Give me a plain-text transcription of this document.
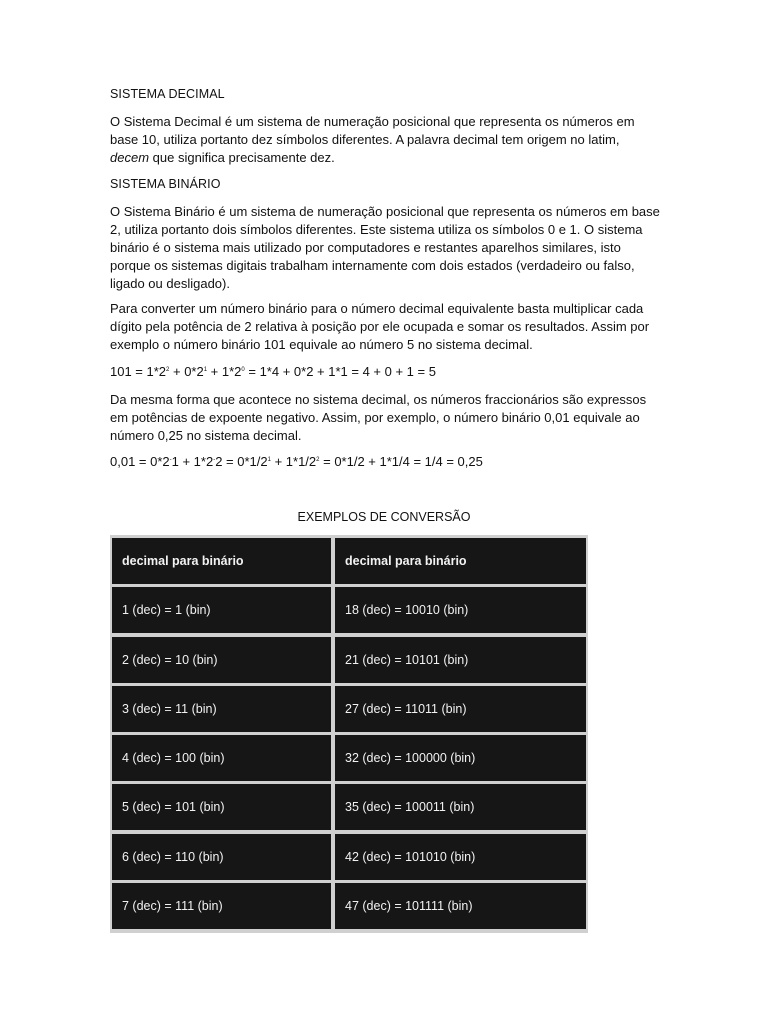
SISTEMA DECIMAL

O Sistema Decimal é um sistema de numeração posicional que representa os números em base 10, utiliza portanto dez símbolos diferentes. A palavra decimal tem origem no latim, decem que significa precisamente dez.

SISTEMA BINÁRIO

O Sistema Binário é um sistema de numeração posicional que representa os números em base 2, utiliza portanto dois símbolos diferentes. Este sistema utiliza os símbolos 0 e 1. O sistema binário é o sistema mais utilizado por computadores e restantes aparelhos similares, isto porque os sistemas digitais trabalham internamente com dois estados (verdadeiro ou falso, ligado ou desligado).

Para converter um número binário para o número decimal equivalente basta multiplicar cada dígito pela potência de 2 relativa à posição por ele ocupada e somar os resultados. Assim por exemplo o número binário 101 equivale ao número 5 no sistema decimal.

$101 = 1*2^2 + 0*2^1 + 1*2^0 = 1*4 + 0*2 + 1*1 = 4 + 0 + 1 = 5$

Da mesma forma que acontece no sistema decimal, os números fraccionários são expressos em potências de expoente negativo. Assim, por exemplo, o número binário 0,01 equivale ao número 0,25 no sistema decimal.

$0,01 = 0*2^-1 + 1*2^-2 = 0*1/2^1 + 1*1/2^2 = 0*1/2 + 1*1/4 = 1/4 = 0,25$
EXEMPLOS DE CONVERSÃO
decimal para binário	decimal para binário
1 (dec) = 1 (bin)	18 (dec) = 10010 (bin)
2 (dec) = 10 (bin)	21 (dec) = 10101 (bin)
3 (dec) = 11 (bin)	27 (dec) = 11011 (bin)
4 (dec) = 100 (bin)	32 (dec) = 100000 (bin)
5 (dec) = 101 (bin)	35 (dec) = 100011 (bin)
6 (dec) = 110 (bin)	42 (dec) = 101010 (bin)
7 (dec) = 111 (bin)	47 (dec) = 101111 (bin)
